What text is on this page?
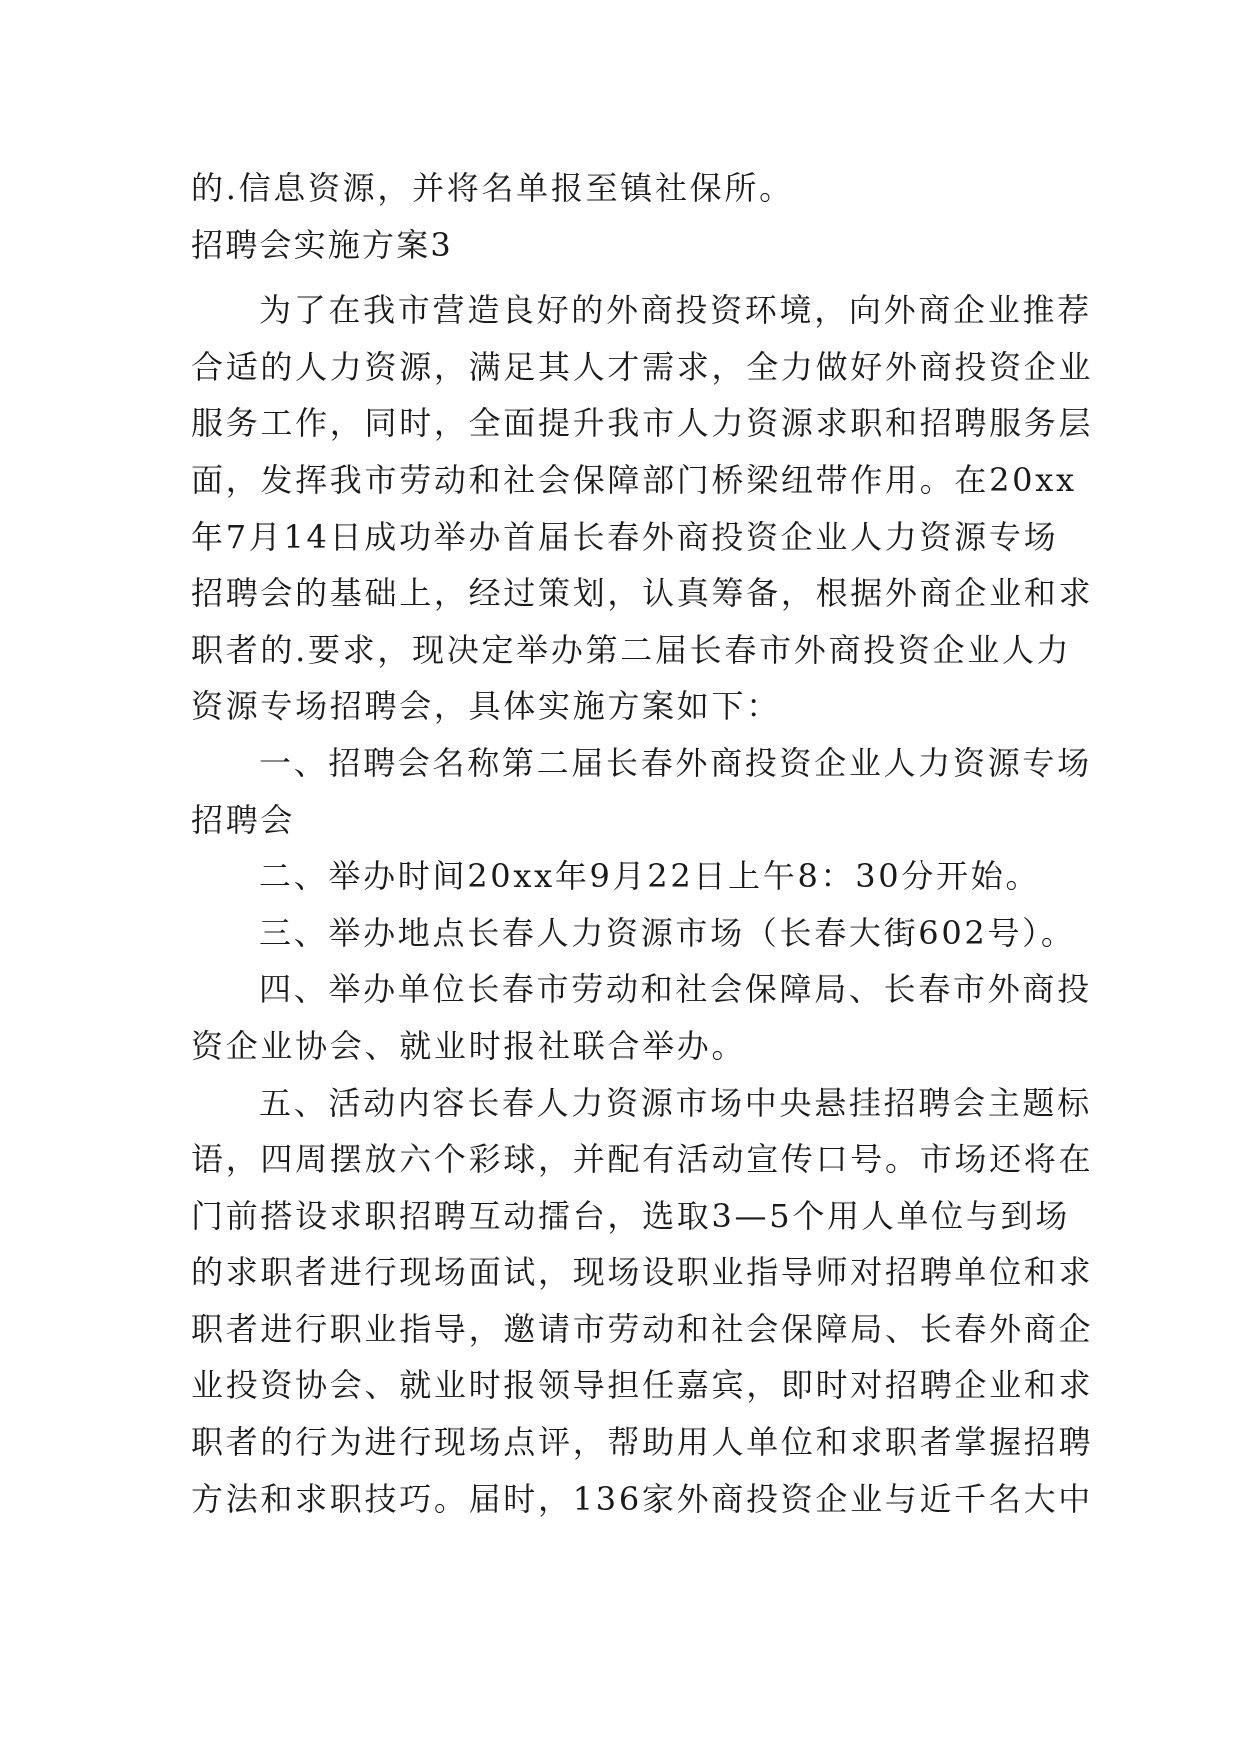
的.信息资源，并将名单报至镇社保所。
招聘会实施方案3
为了在我市营造良好的外商投资环境，向外商企业推荐
合适的人力资源，满足其人才需求，全力做好外商投资企业
服务工作，同时，全面提升我市人力资源求职和招聘服务层
面，发挥我市劳动和社会保障部门桥梁纽带作用。在20xx
年7月14日成功举办首届长春外商投资企业人力资源专场
招聘会的基础上，经过策划，认真筹备，根据外商企业和求
职者的.要求，现决定举办第二届长春市外商投资企业人力
资源专场招聘会，具体实施方案如下：
一、招聘会名称第二届长春外商投资企业人力资源专场
招聘会
二、举办时间20xx年9月22日上午8：30分开始。
三、举办地点长春人力资源市场（长春大街602号）。
四、举办单位长春市劳动和社会保障局、长春市外商投
资企业协会、就业时报社联合举办。
五、活动内容长春人力资源市场中央悬挂招聘会主题标
语，四周摆放六个彩球，并配有活动宣传口号。市场还将在
门前搭设求职招聘互动擂台，选取3—5个用人单位与到场
的求职者进行现场面试，现场设职业指导师对招聘单位和求
职者进行职业指导，邀请市劳动和社会保障局、长春外商企
业投资协会、就业时报领导担任嘉宾，即时对招聘企业和求
职者的行为进行现场点评，帮助用人单位和求职者掌握招聘
方法和求职技巧。届时，136家外商投资企业与近千名大中
